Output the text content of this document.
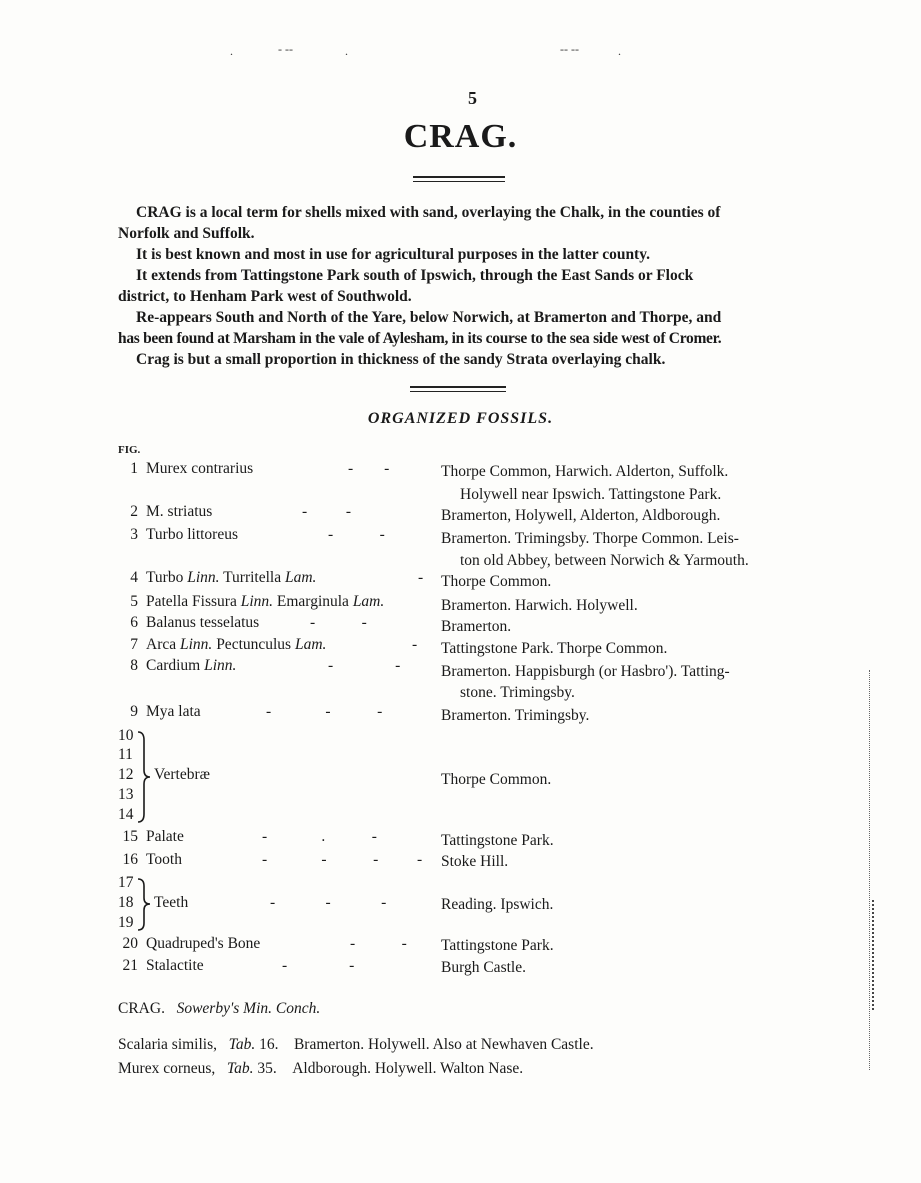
.	- --	.	-- --	.
5
CRAG.

CRAG is a local term for shells mixed with sand, overlaying the Chalk, in the counties of

Norfolk and Suffolk.

It is best known and most in use for agricultural purposes in the latter county.

It extends from Tattingstone Park south of Ipswich, through the East Sands or Flock

district, to Henham Park west of Southwold.

Re-appears South and North of the Yare, below Norwich, at Bramerton and Thorpe, and

has been found at Marsham in the vale of Aylesham, in its course to the sea side west of Cromer.

Crag is but a small proportion in thickness of the sandy Strata overlaying chalk.

ORGANIZED FOSSILS.
FIG.
1 Murex contrarius	-        -	Thorpe Common, Harwich. Alderton, Suffolk.
Holywell near Ipswich. Tattingstone Park.
2 M. striatus	-          -	Bramerton, Holywell, Alderton, Aldborough.
3 Turbo littoreus	-            -	Bramerton. Trimingsby. Thorpe Common. Leis-
ton old Abbey, between Norwich & Yarmouth.
4 Turbo Linn. Turritella Lam.	- Thorpe Common.
5 Patella Fissura Linn. Emarginula Lam.	Bramerton. Harwich. Holywell.
6 Balanus tesselatus	-            -	Bramerton.
7 Arca Linn. Pectunculus Lam.	- Tattingstone Park. Thorpe Common.
8 Cardium Linn.	-                -	Bramerton. Happisburgh (or Hasbro'). Tatting-
stone. Trimingsby.
9 Mya lata	-              -            -	Bramerton. Trimingsby.
10
11
12
13
14
Vertebræ	Thorpe Common.
15 Palate	-              .            -	Tattingstone Park.
16 Tooth	-              -            -          - Stoke Hill.
17
18
19
Teeth	-             -             -	Reading. Ipswich.
20 Quadruped's Bone	-            - Tattingstone Park.
21 Stalactite	-                -	Burgh Castle.
CRAG. Sowerby's Min. Conch.
Scalaria similis, Tab. 16. Bramerton. Holywell. Also at Newhaven Castle.
Murex corneus, Tab. 35. Aldborough. Holywell. Walton Nase.
